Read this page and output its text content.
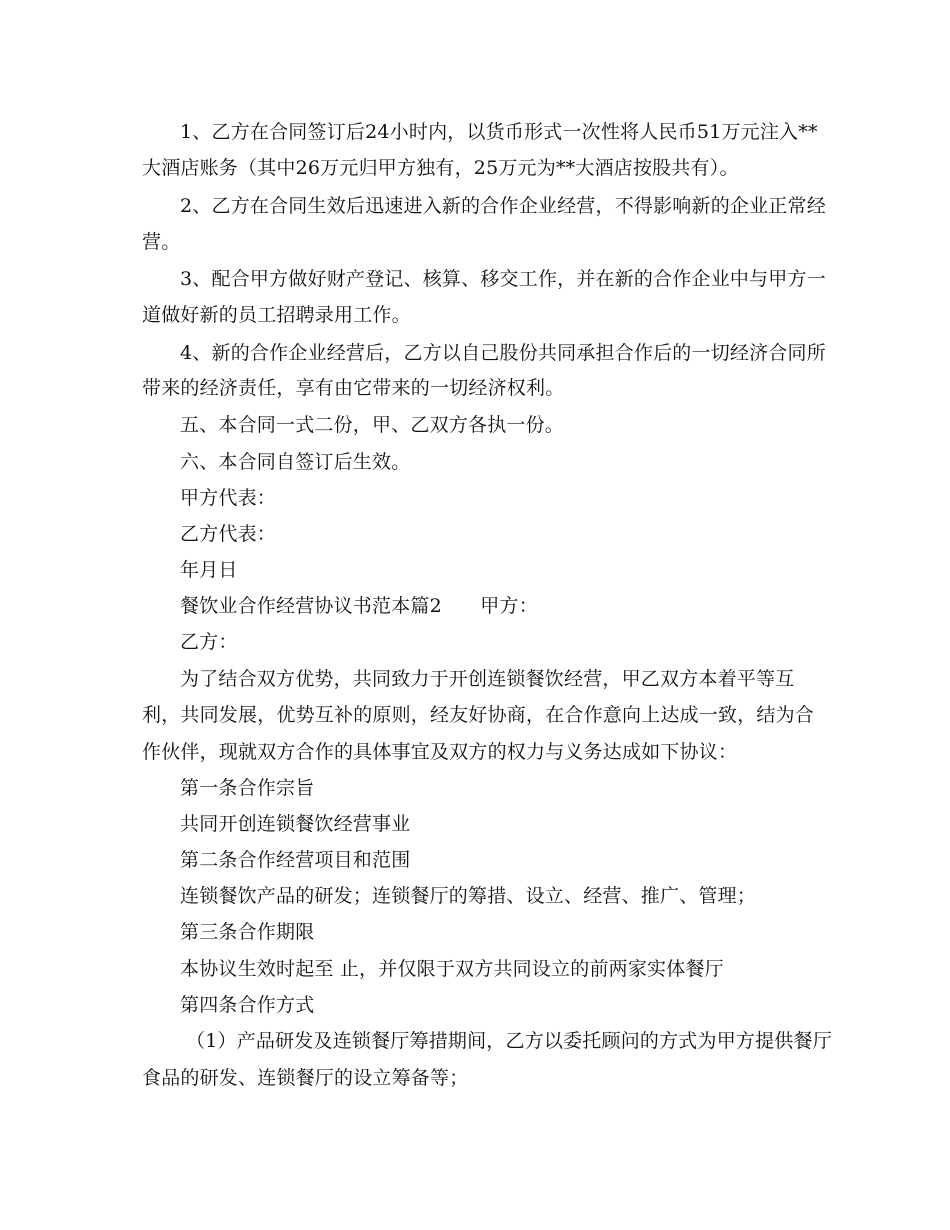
1、乙方在合同签订后24小时内，以货币形式一次性将人民币51万元注入**
大酒店账务（其中26万元归甲方独有，25万元为**大酒店按股共有）。
2、乙方在合同生效后迅速进入新的合作企业经营，不得影响新的企业正常经
营。
3、配合甲方做好财产登记、核算、移交工作，并在新的合作企业中与甲方一
道做好新的员工招聘录用工作。
4、新的合作企业经营后，乙方以自己股份共同承担合作后的一切经济合同所
带来的经济责任，享有由它带来的一切经济权利。
五、本合同一式二份，甲、乙双方各执一份。
六、本合同自签订后生效。
甲方代表：
乙方代表：
年月日
餐饮业合作经营协议书范本篇2　　甲方：
乙方：
为了结合双方优势，共同致力于开创连锁餐饮经营，甲乙双方本着平等互
利，共同发展，优势互补的原则，经友好协商，在合作意向上达成一致，结为合
作伙伴，现就双方合作的具体事宜及双方的权力与义务达成如下协议：
第一条合作宗旨
共同开创连锁餐饮经营事业
第二条合作经营项目和范围
连锁餐饮产品的研发；连锁餐厅的筹措、设立、经营、推广、管理；
第三条合作期限
本协议生效时起至 止，并仅限于双方共同设立的前两家实体餐厅
第四条合作方式
（1）产品研发及连锁餐厅筹措期间，乙方以委托顾问的方式为甲方提供餐厅
食品的研发、连锁餐厅的设立筹备等；
